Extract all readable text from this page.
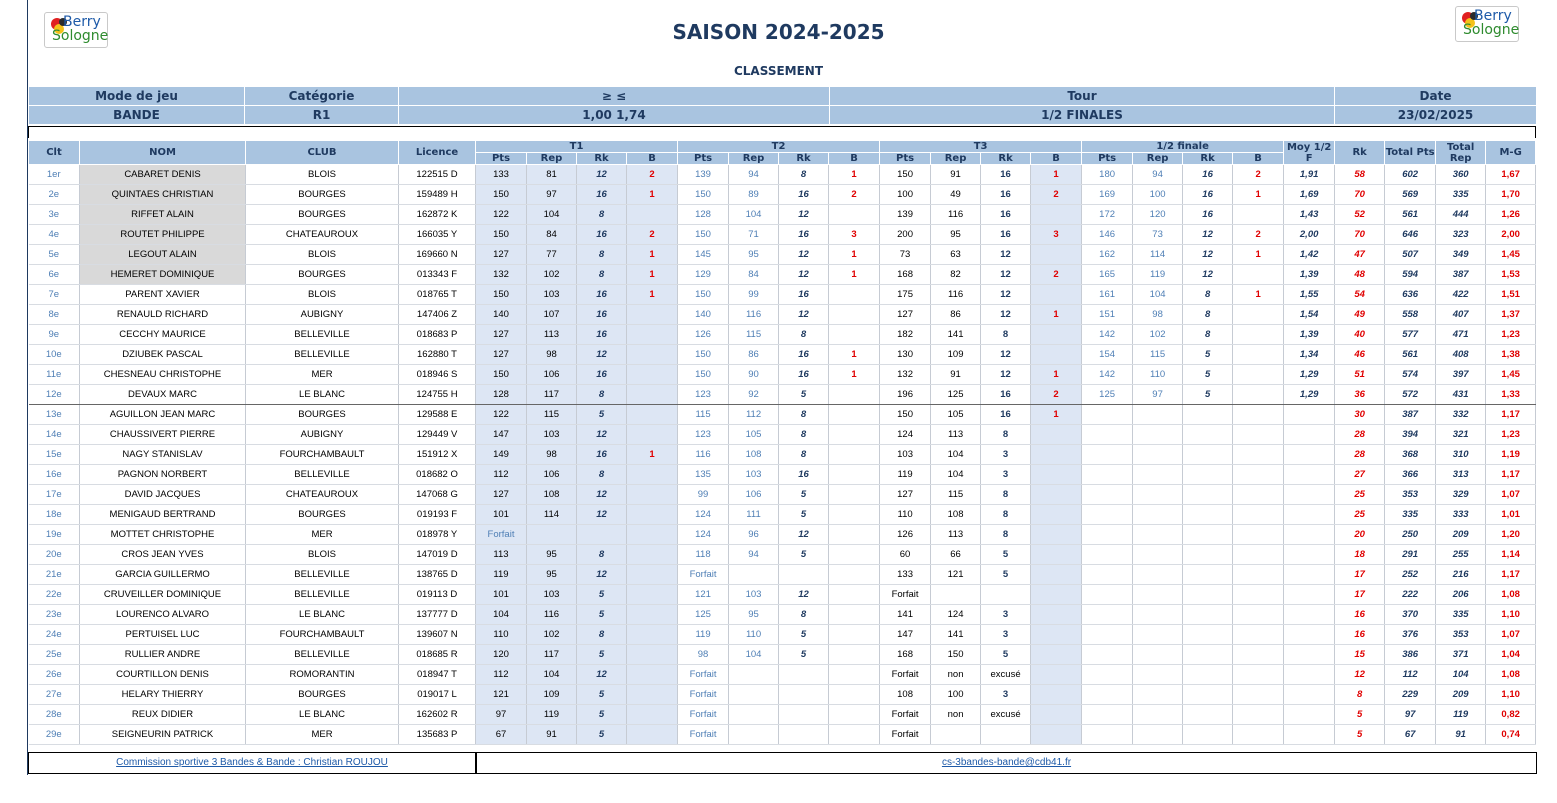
Berry
Sologne
Berry
Sologne
SAISON 2024-2025
CLASSEMENT
Mode de jeu	Catégorie	≥ ≤	Tour	Date
BANDE	R1	1,00 1,74	1/2 FINALES	23/02/2025
Clt	NOM	CLUB	Licence	T1				T2				T3				1/2 finale				Moy 1/2 F	Rk	Total Pts	Total Rep	M-G
				Pts	Rep	Rk	B	Pts	Rep	Rk	B	Pts	Rep	Rk	B	Pts	Rep	Rk	B					
1er	CABARET DENIS	BLOIS	122515 D	133	81	12	2	139	94	8	1	150	91	16	1	180	94	16	2	1,91	58	602	360	1,67
2e	QUINTAES CHRISTIAN	BOURGES	159489 H	150	97	16	1	150	89	16	2	100	49	16	2	169	100	16	1	1,69	70	569	335	1,70
3e	RIFFET ALAIN	BOURGES	162872 K	122	104	8		128	104	12		139	116	16		172	120	16		1,43	52	561	444	1,26
4e	ROUTET PHILIPPE	CHATEAUROUX	166035 Y	150	84	16	2	150	71	16	3	200	95	16	3	146	73	12	2	2,00	70	646	323	2,00
5e	LEGOUT ALAIN	BLOIS	169660 N	127	77	8	1	145	95	12	1	73	63	12		162	114	12	1	1,42	47	507	349	1,45
6e	HEMERET DOMINIQUE	BOURGES	013343 F	132	102	8	1	129	84	12	1	168	82	12	2	165	119	12		1,39	48	594	387	1,53
7e	PARENT XAVIER	BLOIS	018765 T	150	103	16	1	150	99	16		175	116	12		161	104	8	1	1,55	54	636	422	1,51
8e	RENAULD RICHARD	AUBIGNY	147406 Z	140	107	16		140	116	12		127	86	12	1	151	98	8		1,54	49	558	407	1,37
9e	CECCHY MAURICE	BELLEVILLE	018683 P	127	113	16		126	115	8		182	141	8		142	102	8		1,39	40	577	471	1,23
10e	DZIUBEK PASCAL	BELLEVILLE	162880 T	127	98	12		150	86	16	1	130	109	12		154	115	5		1,34	46	561	408	1,38
11e	CHESNEAU CHRISTOPHE	MER	018946 S	150	106	16		150	90	16	1	132	91	12	1	142	110	5		1,29	51	574	397	1,45
12e	DEVAUX MARC	LE BLANC	124755 H	128	117	8		123	92	5		196	125	16	2	125	97	5		1,29	36	572	431	1,33
13e	AGUILLON JEAN MARC	BOURGES	129588 E	122	115	5		115	112	8		150	105	16	1						30	387	332	1,17
14e	CHAUSSIVERT PIERRE	AUBIGNY	129449 V	147	103	12		123	105	8		124	113	8							28	394	321	1,23
15e	NAGY STANISLAV	FOURCHAMBAULT	151912 X	149	98	16	1	116	108	8		103	104	3							28	368	310	1,19
16e	PAGNON NORBERT	BELLEVILLE	018682 O	112	106	8		135	103	16		119	104	3							27	366	313	1,17
17e	DAVID JACQUES	CHATEAUROUX	147068 G	127	108	12		99	106	5		127	115	8							25	353	329	1,07
18e	MENIGAUD BERTRAND	BOURGES	019193 F	101	114	12		124	111	5		110	108	8							25	335	333	1,01
19e	MOTTET CHRISTOPHE	MER	018978 Y	Forfait				124	96	12		126	113	8							20	250	209	1,20
20e	CROS JEAN YVES	BLOIS	147019 D	113	95	8		118	94	5		60	66	5							18	291	255	1,14
21e	GARCIA GUILLERMO	BELLEVILLE	138765 D	119	95	12		Forfait				133	121	5							17	252	216	1,17
22e	CRUVEILLER DOMINIQUE	BELLEVILLE	019113 D	101	103	5		121	103	12		Forfait									17	222	206	1,08
23e	LOURENCO ALVARO	LE BLANC	137777 D	104	116	5		125	95	8		141	124	3							16	370	335	1,10
24e	PERTUISEL LUC	FOURCHAMBAULT	139607 N	110	102	8		119	110	5		147	141	3							16	376	353	1,07
25e	RULLIER ANDRE	BELLEVILLE	018685 R	120	117	5		98	104	5		168	150	5							15	386	371	1,04
26e	COURTILLON DENIS	ROMORANTIN	018947 T	112	104	12		Forfait				Forfait	non	excusé							12	112	104	1,08
27e	HELARY THIERRY	BOURGES	019017 L	121	109	5		Forfait				108	100	3							8	229	209	1,10
28e	REUX DIDIER	LE BLANC	162602 R	97	119	5		Forfait				Forfait	non	excusé							5	97	119	0,82
29e	SEIGNEURIN PATRICK	MER	135683 P	67	91	5		Forfait				Forfait									5	67	91	0,74
Commission sportive 3 Bandes & Bande : Christian ROUJOU	cs-3bandes-bande@cdb41.fr
